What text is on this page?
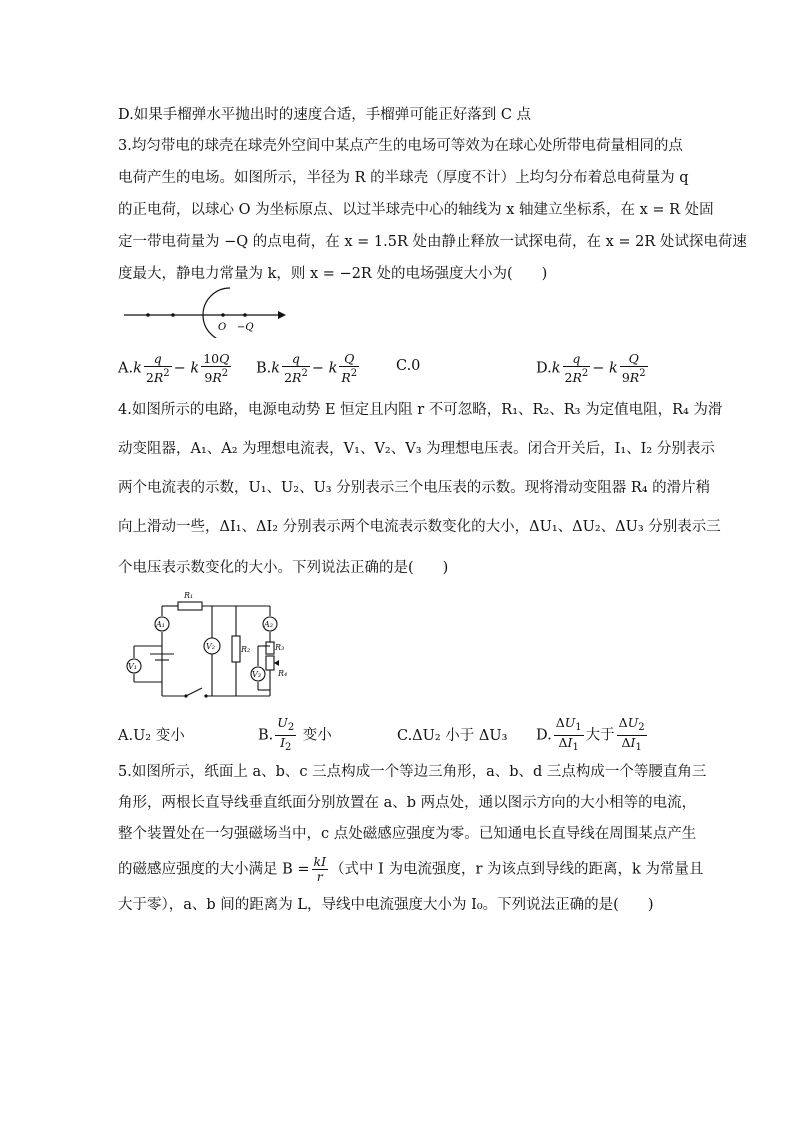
D.如果手榴弹水平抛出时的速度合适，手榴弹可能正好落到 C 点
3.均匀带电的球壳在球壳外空间中某点产生的电场可等效为在球心处所带电荷量相同的点
电荷产生的电场。如图所示，半径为 R 的半球壳（厚度不计）上均匀分布着总电荷量为 q
的正电荷，以球心 O 为坐标原点、以过半球壳中心的轴线为 x 轴建立坐标系，在 x = R 处固
定一带电荷量为 −Q 的点电荷，在 x = 1.5R 处由静止释放一试探电荷，在 x = 2R 处试探电荷速
度最大，静电力常量为 k，则 x = −2R 处的电场强度大小为(　　)
O −Q
$A.k \frac{q}{2R^2} - k \frac{10Q}{9R^2} B.k \frac{q}{2R^2} - k \frac{Q}{R^2}$	C.0	$D.k \frac{q}{2R^2} - k \frac{Q}{9R^2}$
4.如图所示的电路，电源电动势 E 恒定且内阻 r 不可忽略，R₁、R₂、R₃ 为定值电阻，R₄ 为滑
动变阻器，A₁、A₂ 为理想电流表，V₁、V₂、V₃ 为理想电压表。闭合开关后，I₁、I₂ 分别表示
两个电流表的示数，U₁、U₂、U₃ 分别表示三个电压表的示数。现将滑动变阻器 R₄ 的滑片稍
向上滑动一些，ΔI₁、ΔI₂ 分别表示两个电流表示数变化的大小，ΔU₁、ΔU₂、ΔU₃ 分别表示三
个电压表示数变化的大小。下列说法正确的是(　　)
R₁
A₁
V₁
V₂	R₂
A₂
R₃
R₄
V₃
A.U₂ 变小	B. $\frac{U_2}{I_2}$ 变小	C.ΔU₂ 小于 ΔU₃ D. $\frac{\Delta U_1}{\Delta I_1}$ 大于 $\frac{\Delta U_2}{\Delta I_1}$
5.如图所示，纸面上 a、b、c 三点构成一个等边三角形，a、b、d 三点构成一个等腰直角三
角形，两根长直导线垂直纸面分别放置在 a、b 两点处，通以图示方向的大小相等的电流，
整个装置处在一匀强磁场当中，c 点处磁感应强度为零。已知通电长直导线在周围某点产生
的磁感应强度的大小满足 $B = \frac{kI}{r}$ （式中 I 为电流强度，r 为该点到导线的距离，k 为常量且
大于零），a、b 间的距离为 L，导线中电流强度大小为 I₀。下列说法正确的是(　　)
